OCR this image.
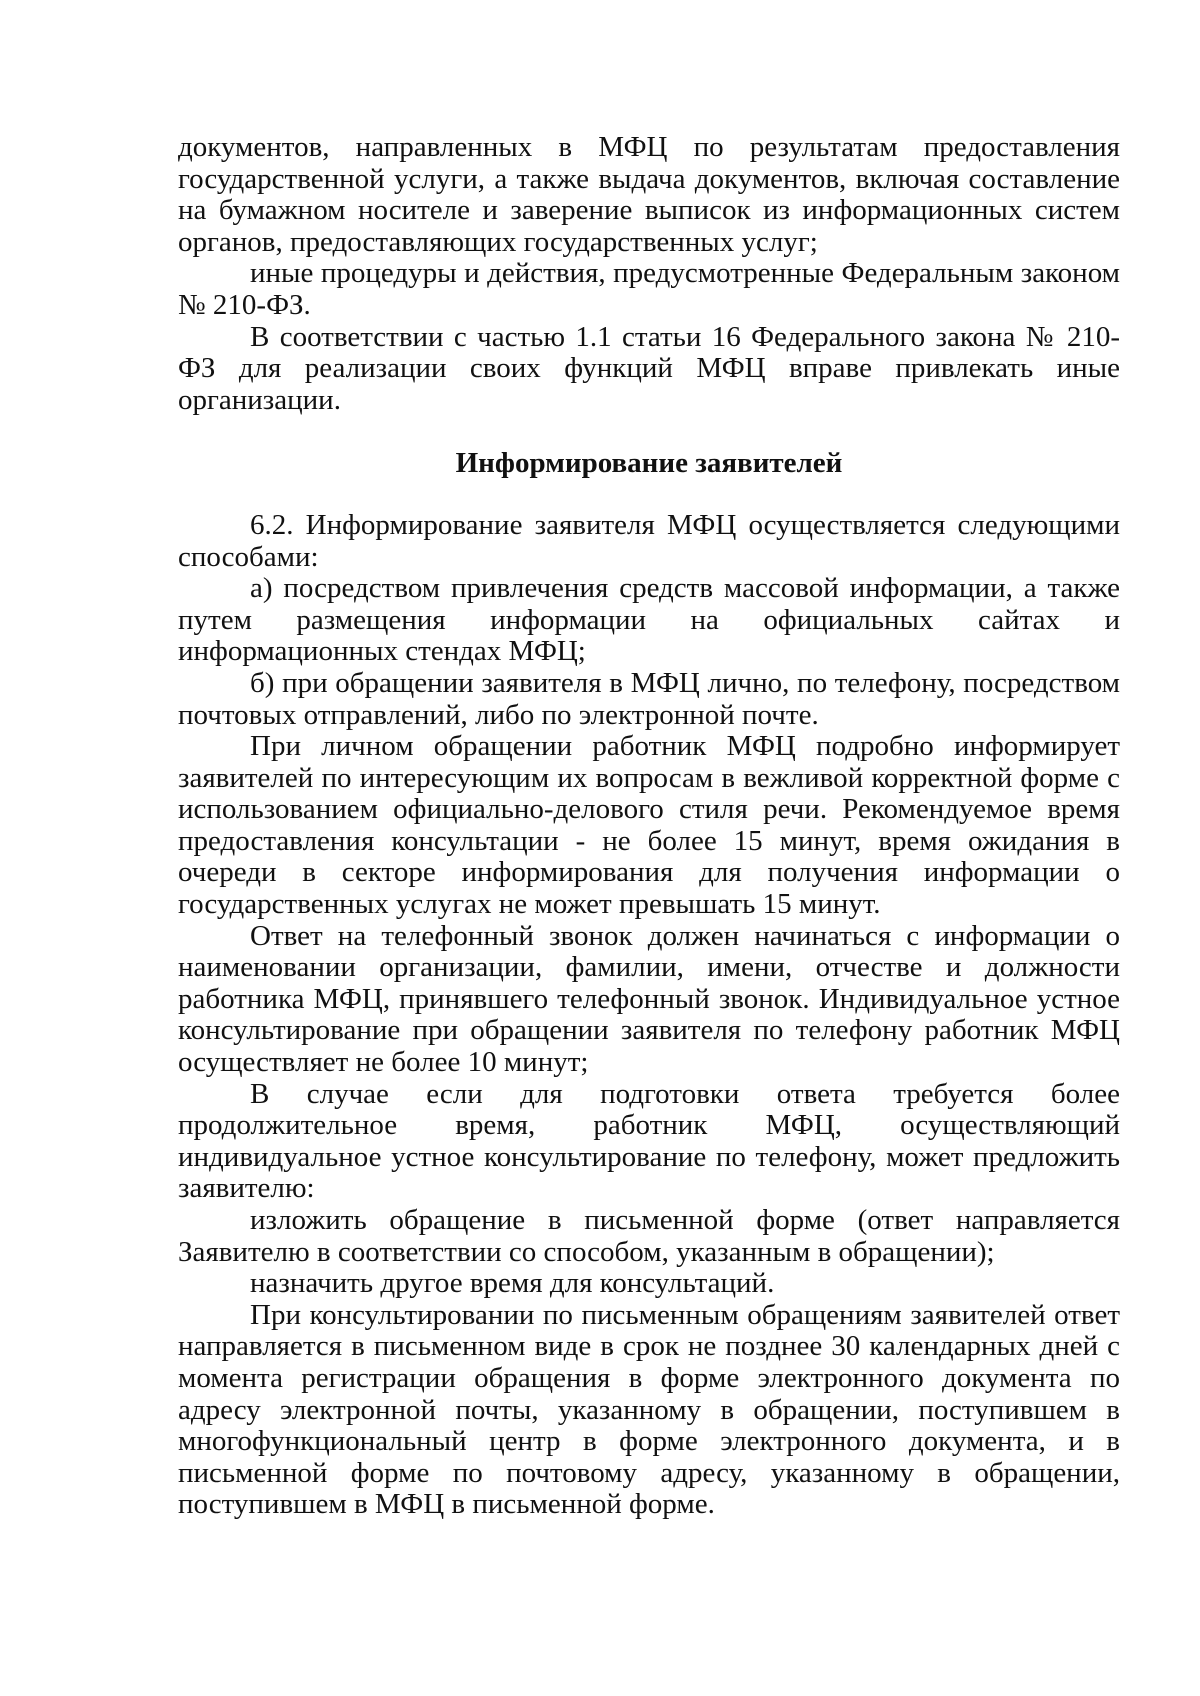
документов, направленных в МФЦ по результатам предоставления государственной услуги, а также выдача документов, включая составление на бумажном носителе и заверение выписок из информационных систем органов, предоставляющих государственных услуг;

иные процедуры и действия, предусмотренные Федеральным законом № 210-ФЗ.

В соответствии с частью 1.1 статьи 16 Федерального закона № 210-ФЗ для реализации своих функций МФЦ вправе привлекать иные организации.

Информирование заявителей

6.2. Информирование заявителя МФЦ осуществляется следующими способами:

а) посредством привлечения средств массовой информации, а также путем размещения информации на официальных сайтах и информационных стендах МФЦ;

б) при обращении заявителя в МФЦ лично, по телефону, посредством почтовых отправлений, либо по электронной почте.

При личном обращении работник МФЦ подробно информирует заявителей по интересующим их вопросам в вежливой корректной форме с использованием официально-делового стиля речи. Рекомендуемое время предоставления консультации - не более 15 минут, время ожидания в очереди в секторе информирования для получения информации о государственных услугах не может превышать 15 минут.

Ответ на телефонный звонок должен начинаться с информации о наименовании организации, фамилии, имени, отчестве и должности работника МФЦ, принявшего телефонный звонок. Индивидуальное устное консультирование при обращении заявителя по телефону работник МФЦ осуществляет не более 10 минут;

В случае если для подготовки ответа требуется более продолжительное время, работник МФЦ, осуществляющий индивидуальное устное консультирование по телефону, может предложить заявителю:

изложить обращение в письменной форме (ответ направляется Заявителю в соответствии со способом, указанным в обращении);

назначить другое время для консультаций.

При консультировании по письменным обращениям заявителей ответ направляется в письменном виде в срок не позднее 30 календарных дней с момента регистрации обращения в форме электронного документа по адресу электронной почты, указанному в обращении, поступившем в многофункциональный центр в форме электронного документа, и в письменной форме по почтовому адресу, указанному в обращении, поступившем в МФЦ в письменной форме.
